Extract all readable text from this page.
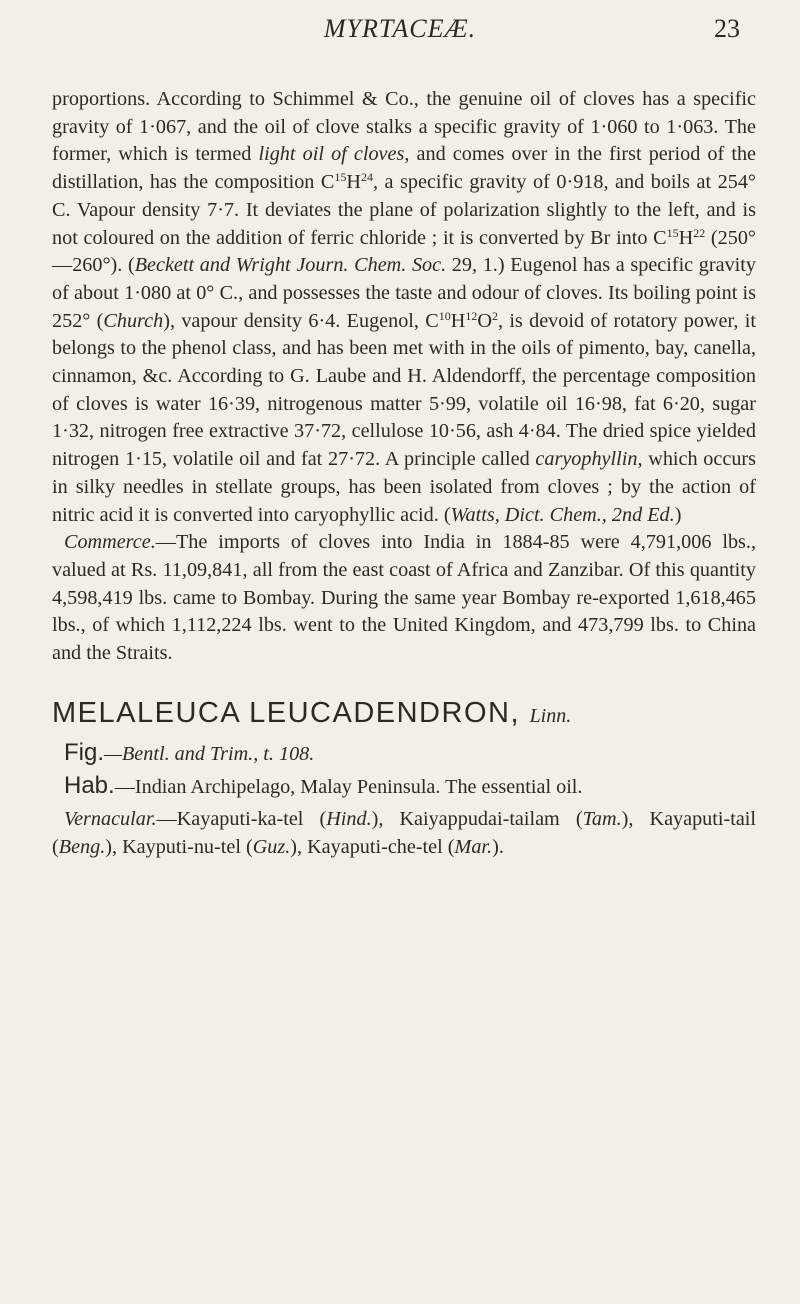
MYRTACEÆ.	23

proportions. According to Schimmel & Co., the genuine oil of cloves has a specific gravity of 1·067, and the oil of clove stalks a specific gravity of 1·060 to 1·063. The former, which is termed light oil of cloves, and comes over in the first period of the distillation, has the composition $C^{15}H^{24}$, a specific gravity of 0·918, and boils at 254° C. Vapour density 7·7. It deviates the plane of polarization slightly to the left, and is not coloured on the addition of ferric chloride ; it is converted by Br into $C^{15}H^{22}$ (250°—260°). (Beckett and Wright Journ. Chem. Soc. 29, 1.) Eugenol has a specific gravity of about 1·080 at 0° C., and possesses the taste and odour of cloves. Its boiling point is 252° (Church), vapour density 6·4. Eugenol, $C^{10}H^{12}O^2$, is devoid of rotatory power, it belongs to the phenol class, and has been met with in the oils of pimento, bay, canella, cinnamon, &c. According to G. Laube and H. Aldendorff, the percentage composition of cloves is water 16·39, nitrogenous matter 5·99, volatile oil 16·98, fat 6·20, sugar 1·32, nitrogen free extractive 37·72, cellulose 10·56, ash 4·84. The dried spice yielded nitrogen 1·15, volatile oil and fat 27·72. A principle called caryophyllin, which occurs in silky needles in stellate groups, has been isolated from cloves ; by the action of nitric acid it is converted into caryophyllic acid. (Watts, Dict. Chem., 2nd Ed.)

Commerce.—The imports of cloves into India in 1884-85 were 4,791,006 lbs., valued at Rs. 11,09,841, all from the east coast of Africa and Zanzibar. Of this quantity 4,598,419 lbs. came to Bombay. During the same year Bombay re-exported 1,618,465 lbs., of which 1,112,224 lbs. went to the United Kingdom, and 473,799 lbs. to China and the Straits.

MELALEUCA LEUCADENDRON, Linn.

Fig.—Bentl. and Trim., t. 108.

Hab.—Indian Archipelago, Malay Peninsula. The essential oil.

Vernacular.—Kayaputi-ka-tel (Hind.), Kaiyappudai-tailam (Tam.), Kayaputi-tail (Beng.), Kayputi-nu-tel (Guz.), Kayaputi-che-tel (Mar.).
